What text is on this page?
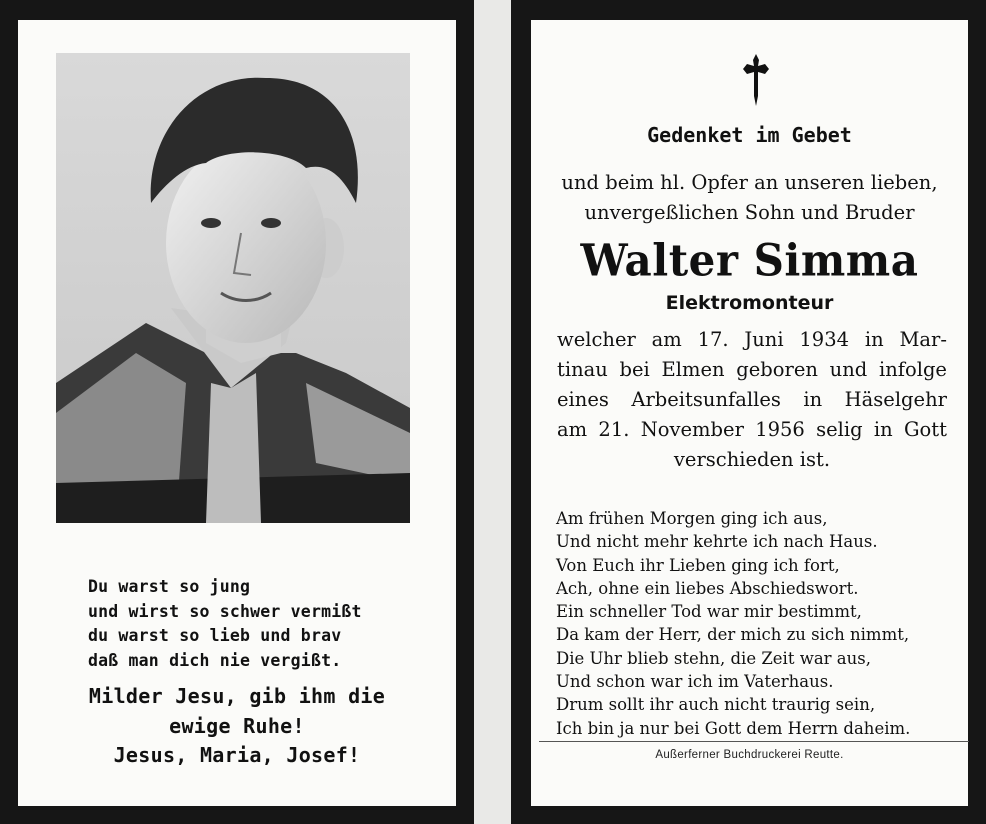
Du warst so jung
und wirst so schwer vermißt
du warst so lieb und brav
daß man dich nie vergißt.
Milder Jesu, gib ihm die
ewige Ruhe!
Jesus, Maria, Josef!
Gedenket im Gebet
und beim hl. Opfer an unseren lieben,
unvergeßlichen Sohn und Bruder
Walter Simma
Elektromonteur
welcher am 17. Juni 1934 in Mar-
tinau bei Elmen geboren und infolge
eines Arbeitsunfalles in Häselgehr
am 21. November 1956 selig in Gott
verschieden ist.
Am frühen Morgen ging ich aus,
Und nicht mehr kehrte ich nach Haus.
Von Euch ihr Lieben ging ich fort,
Ach, ohne ein liebes Abschiedswort.
Ein schneller Tod war mir bestimmt,
Da kam der Herr, der mich zu sich nimmt,
Die Uhr blieb stehn, die Zeit war aus,
Und schon war ich im Vaterhaus.
Drum sollt ihr auch nicht traurig sein,
Ich bin ja nur bei Gott dem Herrn daheim.
Außerferner Buchdruckerei Reutte.
